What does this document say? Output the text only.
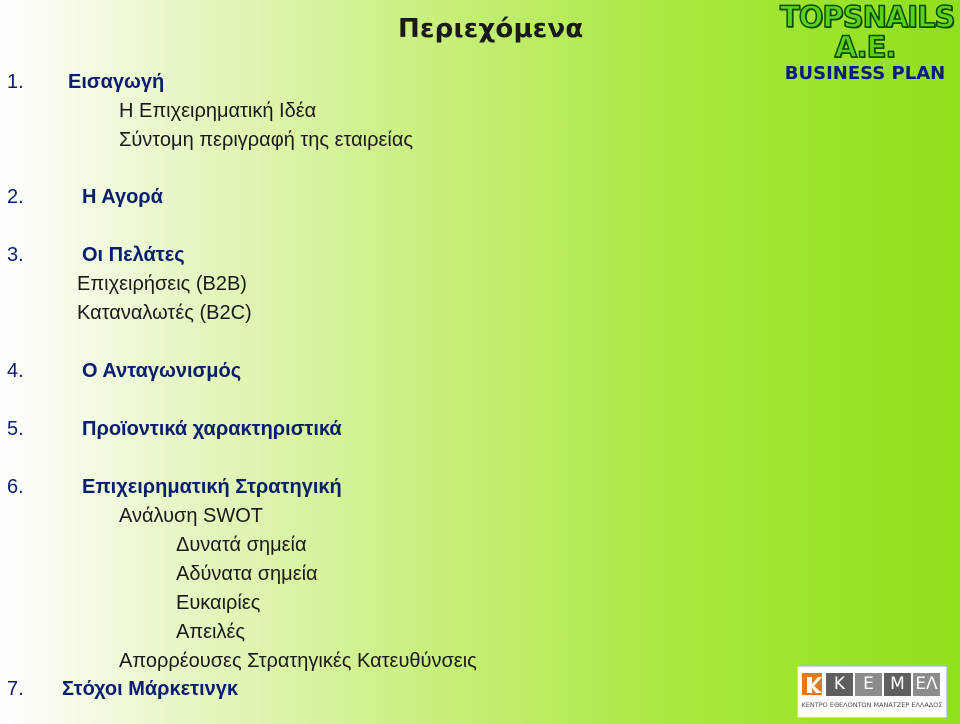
Περιεχόμενα	TOPSNAILS A.E.
BUSINESS PLAN
1. Εισαγωγή
Η Επιχειρηματική Ιδέα
Σύντομη περιγραφή της εταιρείας
2.	Η Αγορά
3.	Οι Πελάτες
Επιχειρήσεις (B2B)
Καταναλωτές (B2C)
4.	Ο Ανταγωνισμός
5.	Προϊοντικά χαρακτηριστικά
6.	Επιχειρηματική Στρατηγική
Ανάλυση SWOT
Δυνατά σημεία
Αδύνατα σημεία
Ευκαιρίες
Απειλές
Απορρέουσες Στρατηγικές Κατευθύνσεις
7. Στόχοι Μάρκετινγκ	Κ	Ε Μ ΕΛ
ΚΕΝΤΡΟ ΕΘΕΛΟΝΤΩΝ ΜΑΝΑΤΖΕΡ ΕΛΛΑΔΟΣ
